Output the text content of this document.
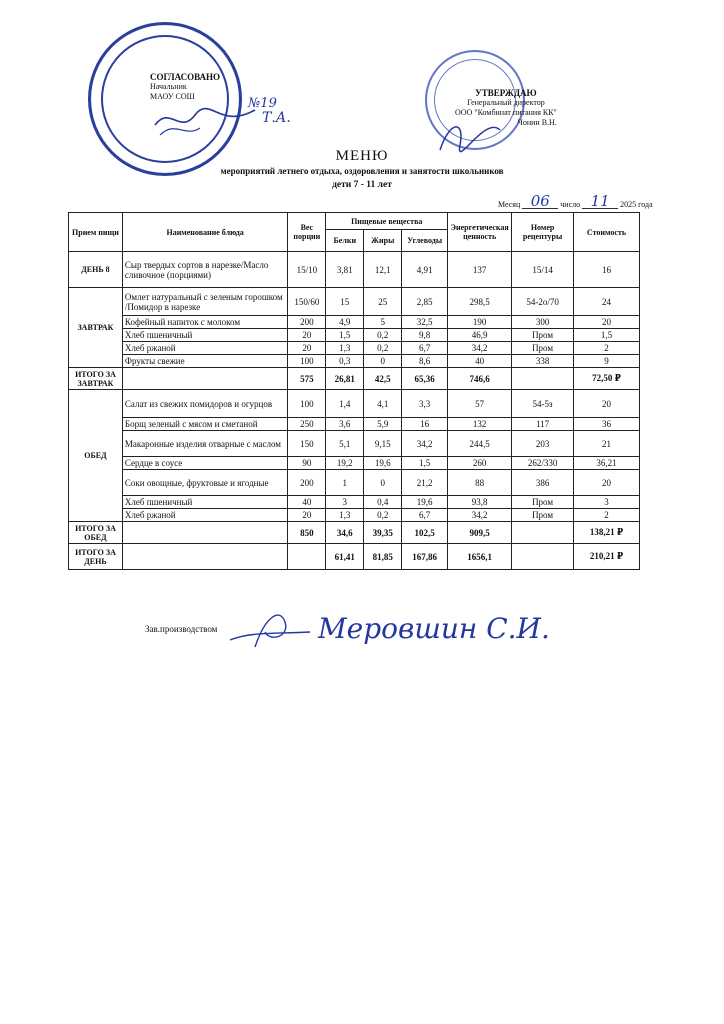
СОГЛАСОВАНО
Начальник
МАОУ СОШ	№19
Т.А.
УТВЕРЖДАЮ
Генеральный директор
ООО "Комбинат питания КК"
Чонин В.Н.
МЕНЮ
мероприятий летнего отдыха, оздоровления и занятости школьников
дети 7 - 11 лет
Месяц 06	число 11	2025 года
Прием пищи	Наименование блюда	Вес порции	Пищевые вещества			Энергетическая ценность	Номер рецептуры	Стоимость
			Белки	Жиры	Углеводы			
ДЕНЬ 8	Сыр твердых сортов в нарезке/Масло сливочное (порциями)	15/10	3,81	12,1	4,91	137	15/14	16
ЗАВТРАК	Омлет натуральный с зеленым горошком /Помидор в нарезке	150/60	15	25	2,85	298,5	54-2о/70	24
	Кофейный напиток с молоком	200	4,9	5	32,5	190	300	20
	Хлеб пшеничный	20	1,5	0,2	9,8	46,9	Пром	1,5
	Хлеб ржаной	20	1,3	0,2	6,7	34,2	Пром	2
	Фрукты свежие	100	0,3	0	8,6	40	338	9
ИТОГО ЗА ЗАВТРАК		575	26,81	42,5	65,36	746,6		72,50 ₽
ОБЕД	Салат из свежих помидоров и огурцов	100	1,4	4,1	3,3	57	54-5з	20
	Борщ зеленый с мясом и сметаной	250	3,6	5,9	16	132	117	36
	Макаронные изделия отварные с маслом	150	5,1	9,15	34,2	244,5	203	21
	Сердце в соусе	90	19,2	19,6	1,5	260	262/330	36,21
	Соки овощные, фруктовые и ягодные	200	1	0	21,2	88	386	20
	Хлеб пшеничный	40	3	0,4	19,6	93,8	Пром	3
	Хлеб ржаной	20	1,3	0,2	6,7	34,2	Пром	2
ИТОГО ЗА ОБЕД		850	34,6	39,35	102,5	909,5		138,21 ₽
ИТОГО ЗА ДЕНЬ			61,41	81,85	167,86	1656,1		210,21 ₽
Зав.производством	Меровшин С.И.
